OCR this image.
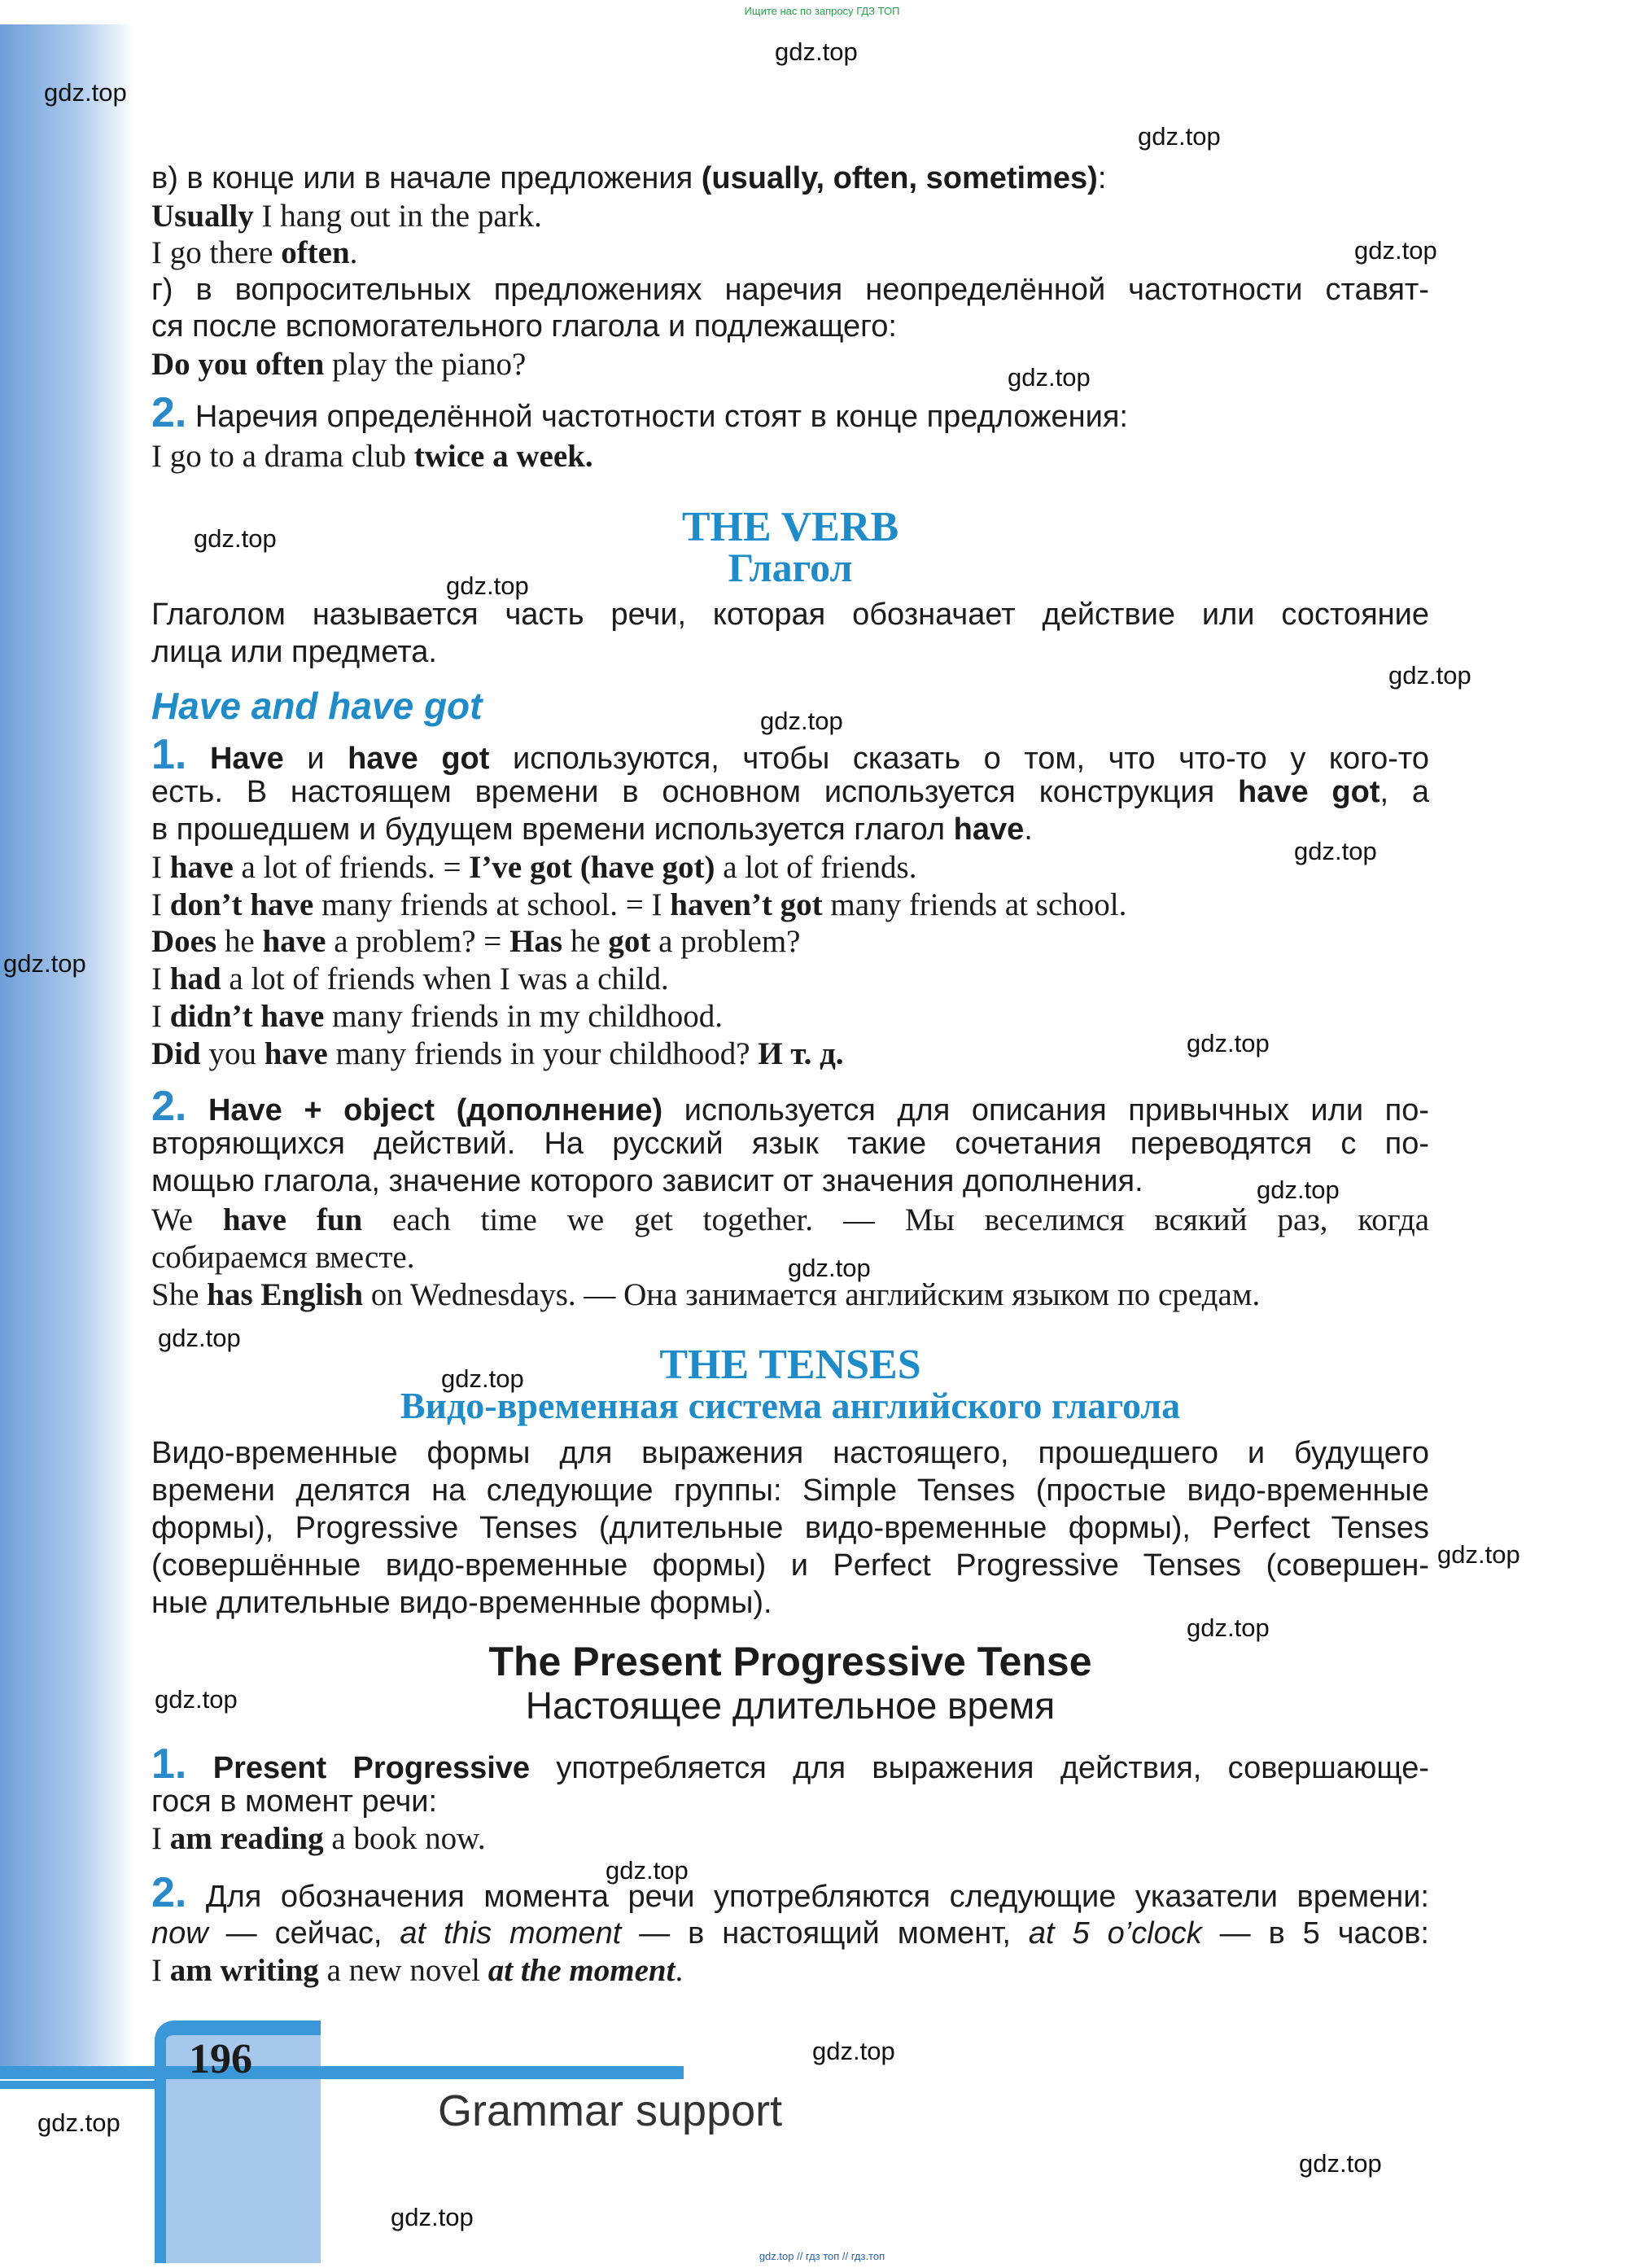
Ищите нас по запросу ГДЗ ТОП
в) в конце или в начале предложения (usually, often, sometimes):
Usually I hang out in the park.
I go there often.
г) в вопросительных предложениях наречия неопределённой частотности ставят-
ся после вспомогательного глагола и подлежащего:
Do you often play the piano?
2. Наречия определённой частотности стоят в конце предложения:
I go to a drama club twice a week.
THE VERB
Глагол
Глаголом называется часть речи, которая обозначает действие или состояние
лица или предмета.
Have and have got
1. Have и have got используются, чтобы сказать о том, что что-то у кого-то
есть. В настоящем времени в основном используется конструкция have got, а
в прошедшем и будущем времени используется глагол have.
I have a lot of friends. = I’ve got (have got) a lot of friends.
I don’t have many friends at school. = I haven’t got many friends at school.
Does he have a problem? = Has he got a problem?
I had a lot of friends when I was a child.
I didn’t have many friends in my childhood.
Did you have many friends in your childhood? И т. д.
2. Have + object (дополнение) используется для описания привычных или по-
вторяющихся действий. На русский язык такие сочетания переводятся с по-
мощью глагола, значение которого зависит от значения дополнения.
We have fun each time we get together. — Мы веселимся всякий раз, когда
собираемся вместе.
She has English on Wednesdays. — Она занимается английским языком по средам.
THE TENSES
Видо-временная система английского глагола
Видо-временные формы для выражения настоящего, прошедшего и будущего
времени делятся на следующие группы: Simple Tenses (простые видо-временные
формы), Progressive Tenses (длительные видо-временные формы), Perfect Tenses
(совершённые видо-временные формы) и Perfect Progressive Tenses (совершен-
ные длительные видо-временные формы).
The Present Progressive Tense
Настоящее длительное время
1. Present Progressive употребляется для выражения действия, совершающе-
гося в момент речи:
I am reading a book now.
2. Для обозначения момента речи употребляются следующие указатели времени:
now — сейчас, at this moment — в настоящий момент, at 5 o’clock — в 5 часов:
I am writing a new novel at the moment.
196
Grammar support
gdz.top
gdz.top
gdz.top
gdz.top
gdz.top
gdz.top
gdz.top
gdz.top
gdz.top
gdz.top
gdz.top
gdz.top
gdz.top
gdz.top
gdz.top
gdz.top
gdz.top
gdz.top
gdz.top
gdz.top
gdz.top
gdz.top
gdz.top
gdz.top
gdz.top // гдз топ // гдз.топ
